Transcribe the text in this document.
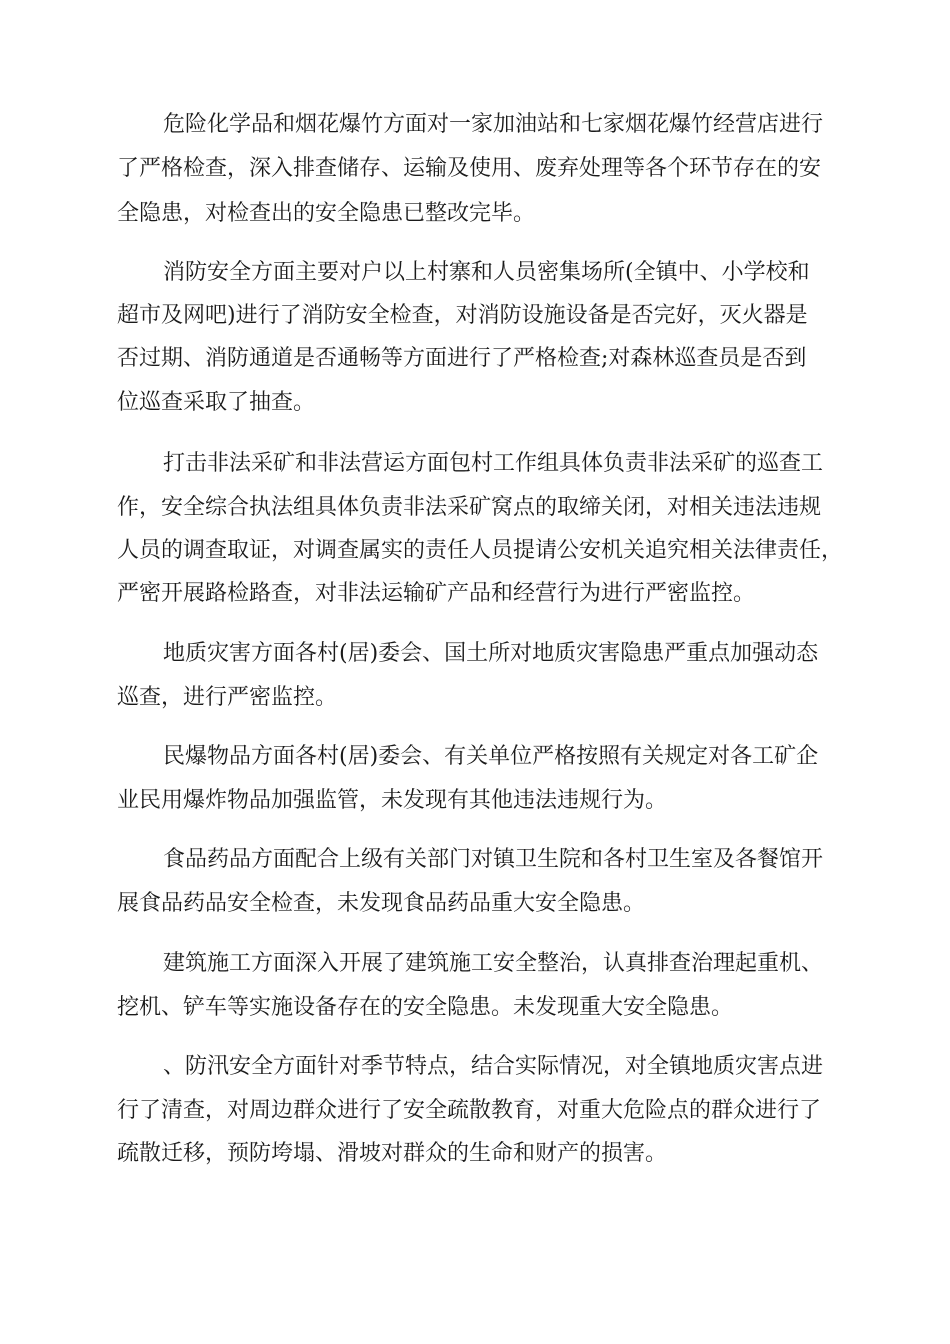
危险化学品和烟花爆竹方面对一家加油站和七家烟花爆竹经营店进行
了严格检查，深入排查储存、运输及使用、废弃处理等各个环节存在的安
全隐患，对检查出的安全隐患已整改完毕。
消防安全方面主要对户以上村寨和人员密集场所(全镇中、小学校和
超市及网吧)进行了消防安全检查，对消防设施设备是否完好，灭火器是
否过期、消防通道是否通畅等方面进行了严格检查;对森林巡查员是否到
位巡查采取了抽查。
打击非法采矿和非法营运方面包村工作组具体负责非法采矿的巡查工
作，安全综合执法组具体负责非法采矿窝点的取缔关闭，对相关违法违规
人员的调查取证，对调查属实的责任人员提请公安机关追究相关法律责任，
严密开展路检路查，对非法运输矿产品和经营行为进行严密监控。
地质灾害方面各村(居)委会、国土所对地质灾害隐患严重点加强动态
巡查，进行严密监控。
民爆物品方面各村(居)委会、有关单位严格按照有关规定对各工矿企
业民用爆炸物品加强监管，未发现有其他违法违规行为。
食品药品方面配合上级有关部门对镇卫生院和各村卫生室及各餐馆开
展食品药品安全检查，未发现食品药品重大安全隐患。
建筑施工方面深入开展了建筑施工安全整治，认真排查治理起重机、
挖机、铲车等实施设备存在的安全隐患。未发现重大安全隐患。
、防汛安全方面针对季节特点，结合实际情况，对全镇地质灾害点进
行了清查，对周边群众进行了安全疏散教育，对重大危险点的群众进行了
疏散迁移，预防垮塌、滑坡对群众的生命和财产的损害。
